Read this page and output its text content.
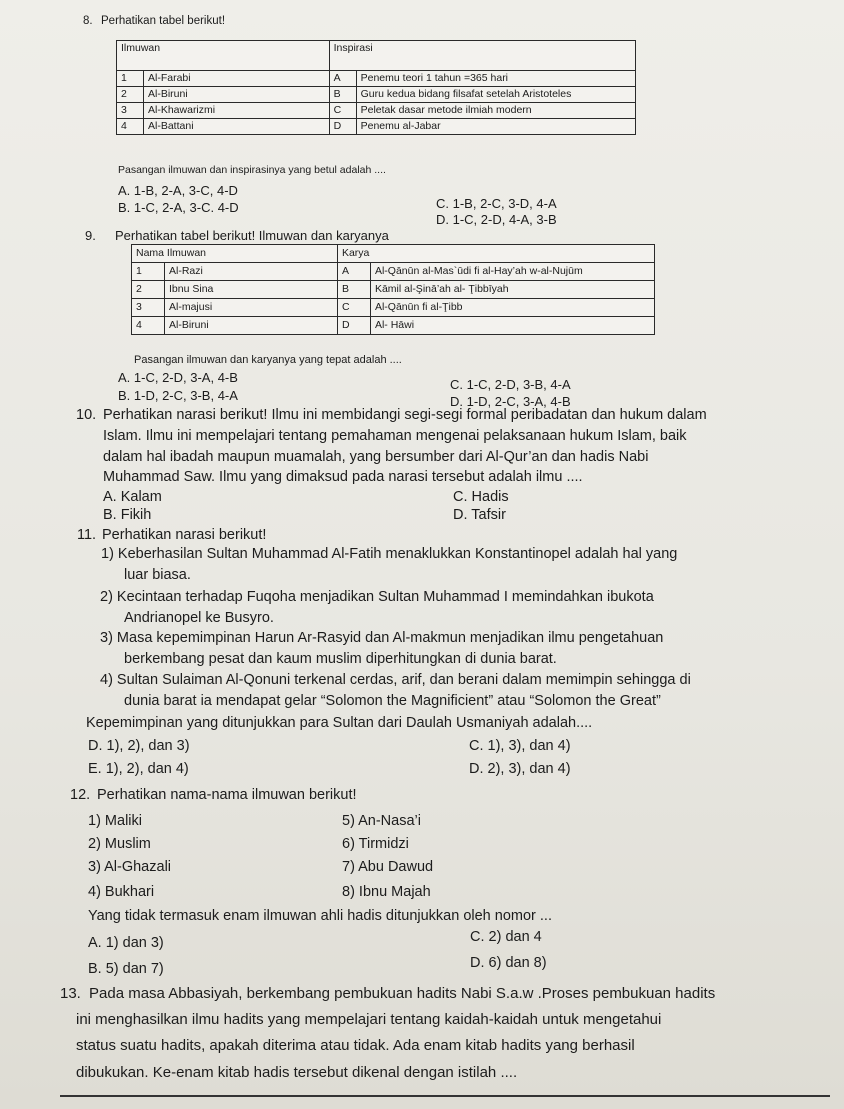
8. Perhatikan tabel berikut!
Ilmuwan		Inspirasi	
1	Al-Farabi	A	Penemu teori 1 tahun =365 hari
2	Al-Biruni	B	Guru kedua bidang filsafat setelah Aristoteles
3	Al-Khawarizmi	C	Peletak dasar metode ilmiah modern
4	Al-Battani	D	Penemu al-Jabar
Pasangan ilmuwan dan inspirasinya yang betul adalah ....
A. 1-B, 2-A, 3-C, 4-D
B. 1-C, 2-A, 3-C. 4-D	C. 1-B, 2-C, 3-D, 4-A
D. 1-C, 2-D, 4-A, 3-B
9. Perhatikan tabel berikut! Ilmuwan dan karyanya
Nama Ilmuwan		Karya	
1	Al-Razi	A	Al-Qānūn al-Mas`ūdi fi al-Hay’ah w-al-Nujūm
2	Ibnu Sina	B	Kāmil al-Şinā’ah al- Ţibbīyah
3	Al-majusi	C	Al-Qānūn fi al-Ţibb
4	Al-Biruni	D	Al- Hāwi
Pasangan ilmuwan dan karyanya yang tepat adalah ....
A. 1-C, 2-D, 3-A, 4-B
B. 1-D, 2-C, 3-B, 4-A
C. 1-C, 2-D, 3-B, 4-A
D. 1-D, 2-C, 3-A, 4-B
10. Perhatikan narasi berikut! Ilmu ini membidangi segi-segi formal peribadatan dan hukum dalam
Islam. Ilmu ini mempelajari tentang pemahaman mengenai pelaksanaan hukum Islam, baik
dalam hal ibadah maupun muamalah, yang bersumber dari Al-Qur’an dan hadis Nabi
Muhammad Saw. Ilmu yang dimaksud pada narasi tersebut adalah ilmu ....
A. Kalam
B. Fikih
C. Hadis
D. Tafsir
11. Perhatikan narasi berikut!
1) Keberhasilan Sultan Muhammad Al-Fatih menaklukkan Konstantinopel adalah hal yang
luar biasa.
2) Kecintaan terhadap Fuqoha menjadikan Sultan Muhammad I memindahkan ibukota
Andrianopel ke Busyro.
3) Masa kepemimpinan Harun Ar-Rasyid dan Al-makmun menjadikan ilmu pengetahuan
berkembang pesat dan kaum muslim diperhitungkan di dunia barat.
4) Sultan Sulaiman Al-Qonuni terkenal cerdas, arif, dan berani dalam memimpin sehingga di
dunia barat ia mendapat gelar “Solomon the Magnificient” atau “Solomon the Great”
Kepemimpinan yang ditunjukkan para Sultan dari Daulah Usmaniyah adalah....
D. 1), 2), dan 3)
E. 1), 2), dan 4)
C. 1), 3), dan 4)
D. 2), 3), dan 4)
12. Perhatikan nama-nama ilmuwan berikut!
1) Maliki
2) Muslim
3) Al-Ghazali
4) Bukhari
5) An-Nasa’i
6) Tirmidzi
7) Abu Dawud
8) Ibnu Majah
Yang tidak termasuk enam ilmuwan ahli hadis ditunjukkan oleh nomor ...
A. 1) dan 3)
B. 5) dan 7)
C. 2) dan 4
D. 6) dan 8)
13. Pada masa Abbasiyah, berkembang pembukuan hadits Nabi S.a.w .Proses pembukuan hadits
ini menghasilkan ilmu hadits yang mempelajari tentang kaidah-kaidah untuk mengetahui
status suatu hadits, apakah diterima atau tidak. Ada enam kitab hadits yang berhasil
dibukukan. Ke-enam kitab hadis tersebut dikenal dengan istilah ....
